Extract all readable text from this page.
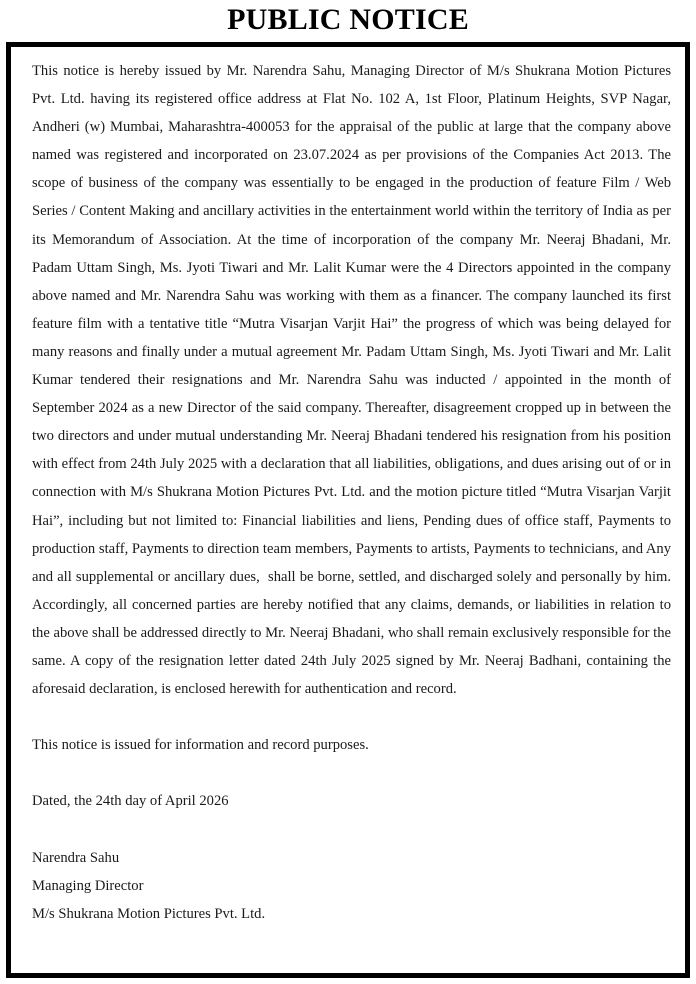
PUBLIC NOTICE

This notice is hereby issued by Mr. Narendra Sahu, Managing Director of M/s Shukrana Motion Pictures Pvt. Ltd. having its registered office address at Flat No. 102 A, 1st Floor, Platinum Heights, SVP Nagar, Andheri (w) Mumbai, Maharashtra-400053 for the appraisal of the public at large that the company above named was registered and incorporated on 23.07.2024 as per provisions of the Companies Act 2013. The scope of business of the company was essentially to be engaged in the production of feature Film / Web Series / Content Making and ancillary activities in the entertainment world within the territory of India as per its Memorandum of Association. At the time of incorporation of the company Mr. Neeraj Bhadani, Mr. Padam Uttam Singh, Ms. Jyoti Tiwari and Mr. Lalit Kumar were the 4 Directors appointed in the company above named and Mr. Narendra Sahu was working with them as a financer. The company launched its first feature film with a tentative title “Mutra Visarjan Varjit Hai” the progress of which was being delayed for many reasons and finally under a mutual agreement Mr. Padam Uttam Singh, Ms. Jyoti Tiwari and Mr. Lalit Kumar tendered their resignations and Mr. Narendra Sahu was inducted / appointed in the month of September 2024 as a new Director of the said company. Thereafter, disagreement cropped up in between the two directors and under mutual understanding Mr. Neeraj Bhadani tendered his resignation from his position with effect from 24th July 2025 with a declaration that all liabilities, obligations, and dues arising out of or in connection with M/s Shukrana Motion Pictures Pvt. Ltd. and the motion picture titled “Mutra Visarjan Varjit Hai”, including but not limited to: Financial liabilities and liens, Pending dues of office staff, Payments to production staff, Payments to direction team members, Payments to artists, Payments to technicians, and Any and all supplemental or ancillary dues,  shall be borne, settled, and discharged solely and personally by him. Accordingly, all concerned parties are hereby notified that any claims, demands, or liabilities in relation to the above shall be addressed directly to Mr. Neeraj Bhadani, who shall remain exclusively responsible for the same. A copy of the resignation letter dated 24th July 2025 signed by Mr. Neeraj Badhani, containing the aforesaid declaration, is enclosed herewith for authentication and record.

This notice is issued for information and record purposes.

Dated, the 24th day of April 2026

Narendra Sahu
Managing Director
M/s Shukrana Motion Pictures Pvt. Ltd.
